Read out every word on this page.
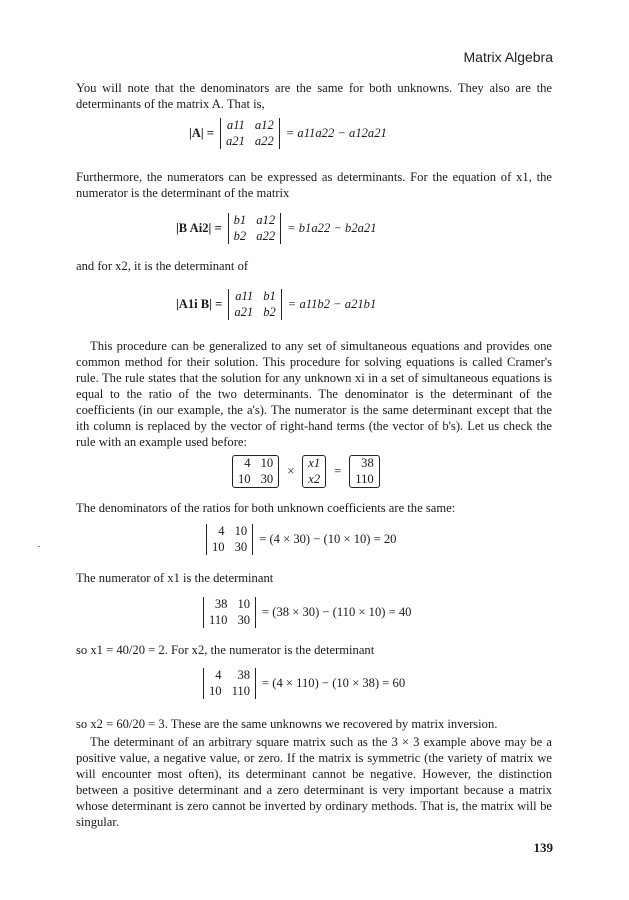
Matrix Algebra
You will note that the denominators are the same for both unknowns. They also are the determinants of the matrix A. That is,
|A| =
a11 a12
a21 a22
= a11a22 − a12a21
Furthermore, the numerators can be expressed as determinants. For the equation of x1, the numerator is the determinant of the matrix
|B Ai2| =
b1 a12
b2 a22
= b1a22 − b2a21
and for x2, it is the determinant of
|A1i B| =
a11 b1
a21 b2
= a11b2 − a21b1
This procedure can be generalized to any set of simultaneous equations and provides one common method for their solution. This procedure for solving equations is called Cramer's rule. The rule states that the solution for any unknown xi in a set of simultaneous equations is equal to the ratio of the two determinants. The denominator is the determinant of the coefficients (in our example, the a's). The numerator is the same determinant except that the ith column is replaced by the vector of right-hand terms (the vector of b's). Let us check the rule with an example used before:
4 10
10 30
×
x1
x2
=
38
110
The denominators of the ratios for both unknown coefficients are the same:
4 10
10 30
= (4 × 30) − (10 × 10) = 20
The numerator of x1 is the determinant
38 10
110 30
= (38 × 30) − (110 × 10) = 40
so x1 = 40/20 = 2. For x2, the numerator is the determinant
4	38
10 110
= (4 × 110) − (10 × 38) = 60
so x2 = 60/20 = 3. These are the same unknowns we recovered by matrix inversion.
The determinant of an arbitrary square matrix such as the 3 × 3 example above may be a positive value, a negative value, or zero. If the matrix is symmetric (the variety of matrix we will encounter most often), its determinant cannot be negative. However, the distinction between a positive determinant and a zero determinant is very important because a matrix whose determinant is zero cannot be inverted by ordinary methods. That is, the matrix will be singular.
139
